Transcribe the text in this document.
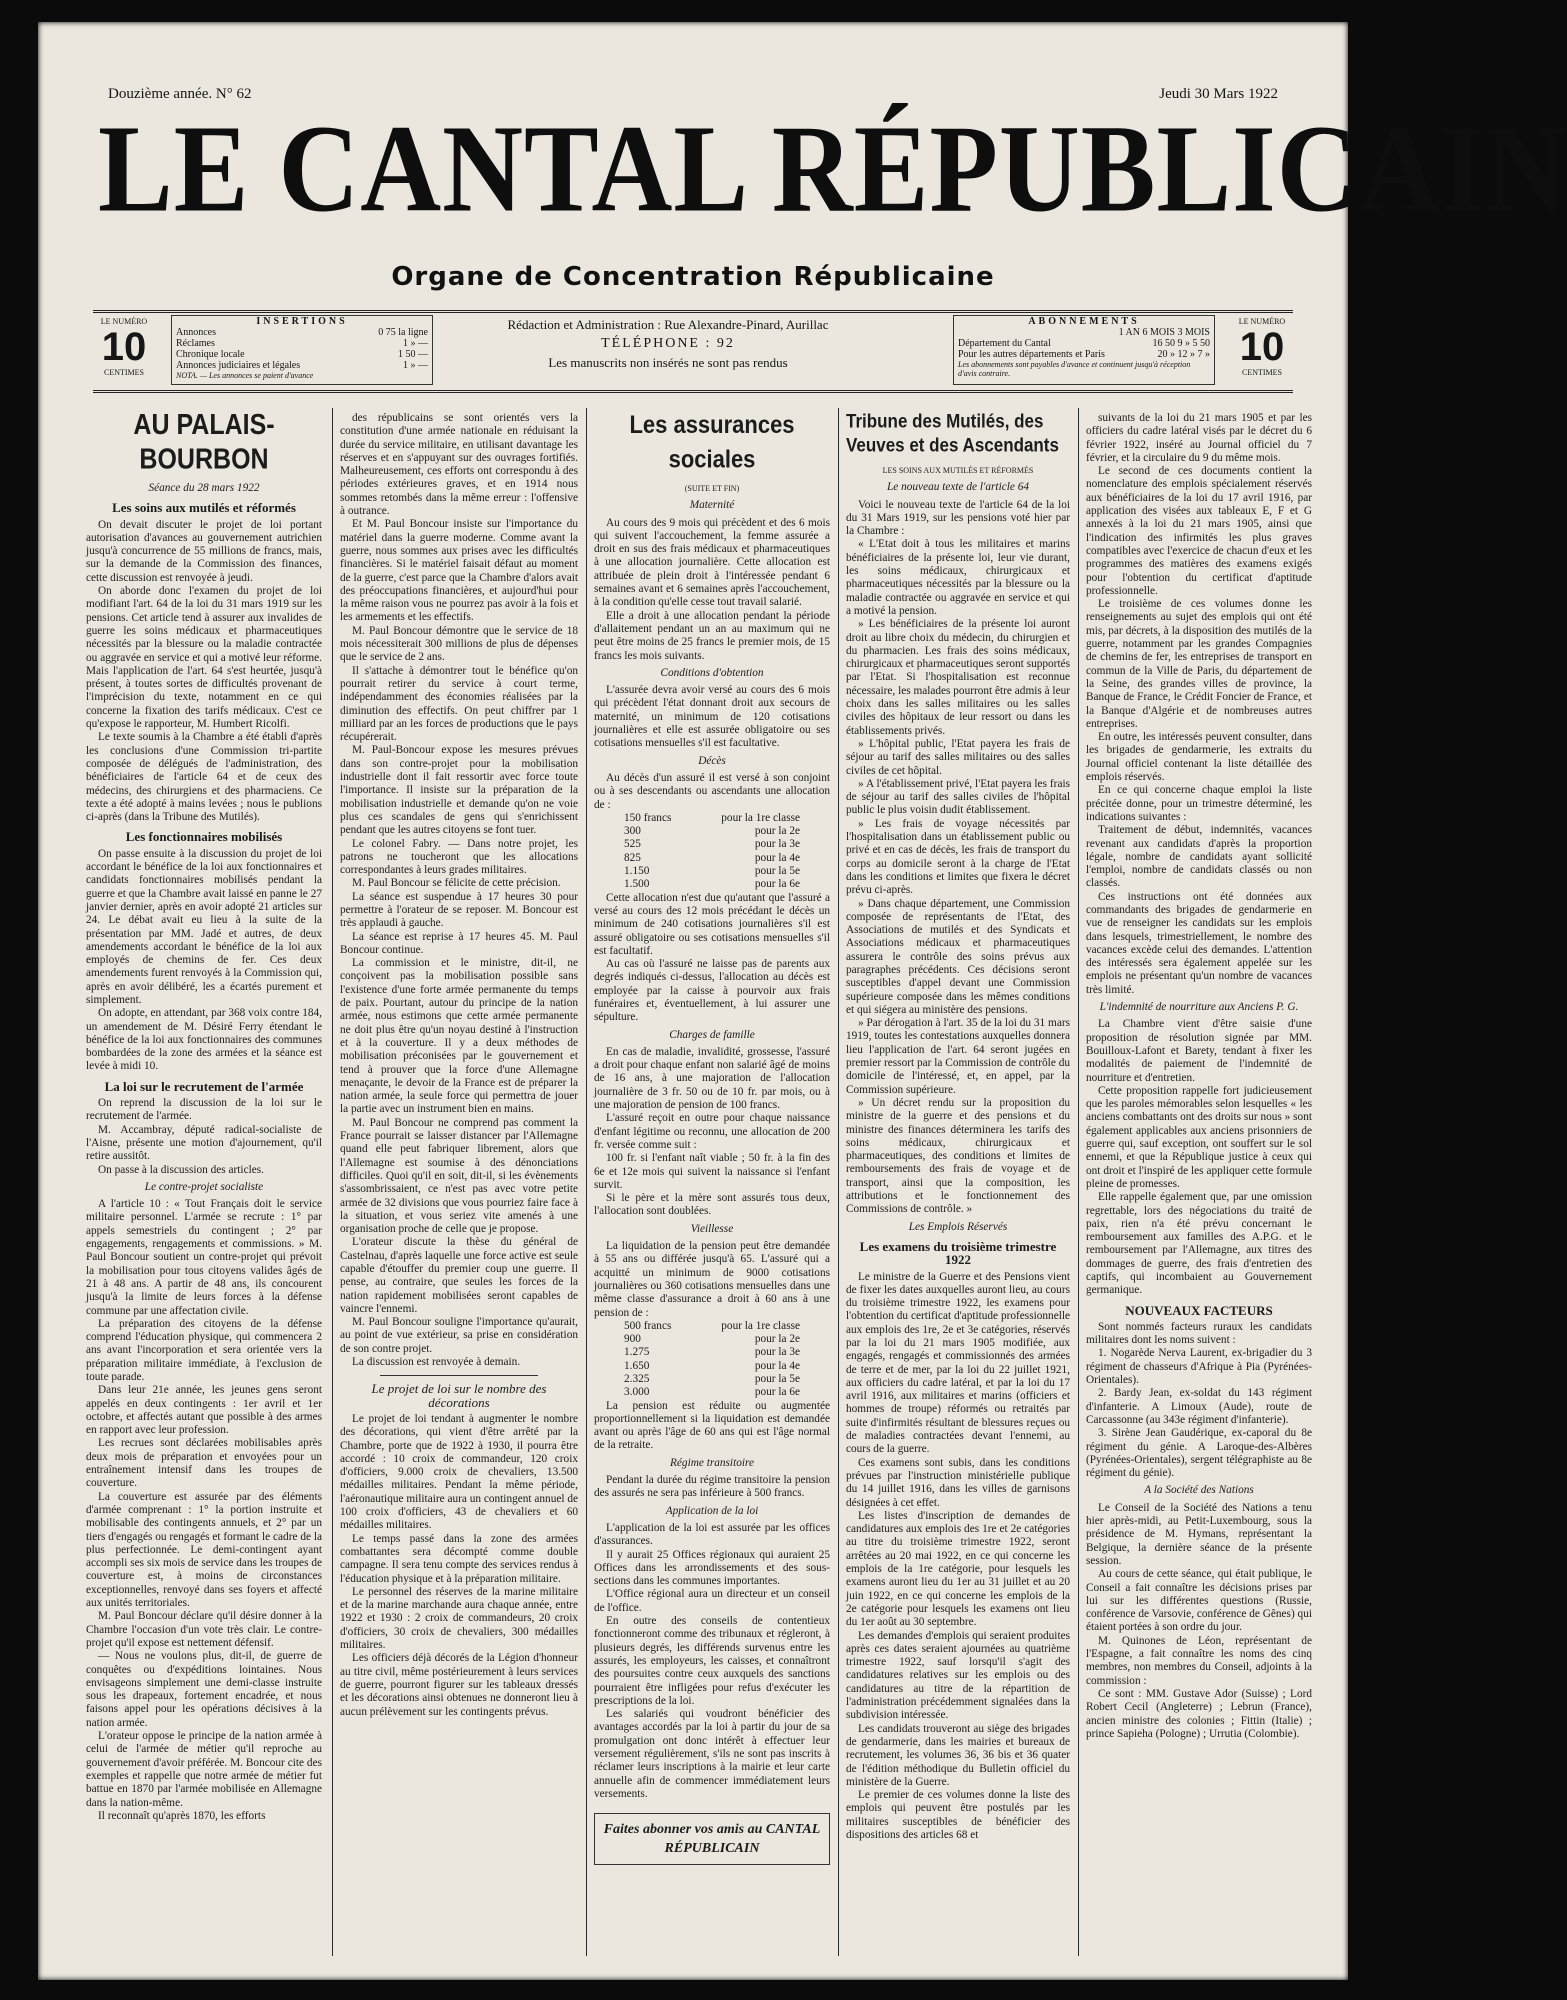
Douzième année. N° 62	Jeudi 30 Mars 1922
LE CANTAL RÉPUBLICAIN
Organe de Concentration Républicaine
LE NUMÉRO
10
CENTIMES
INSERTIONS
Annonces	0 75 la ligne
Réclames	1 » —
Chronique locale	1 50 —
Annonces judiciaires et légales	1 » —
NOTA. — Les annonces se paient d'avance
Rédaction et Administration : Rue Alexandre-Pinard, Aurillac
TÉLÉPHONE : 92
Les manuscrits non insérés ne sont pas rendus
ABONNEMENTS
1 AN 6 MOIS 3 MOIS
Département du Cantal	16 50 9 » 5 50
Pour les autres départements et Paris	20 » 12 » 7 »
Les abonnements sont payables d'avance et continuent jusqu'à réception d'avis contraire.
LE NUMÉRO
10
CENTIMES
AU PALAIS-BOURBON
Séance du 28 mars 1922
Les soins aux mutilés et réformés

On devait discuter le projet de loi portant autorisation d'avances au gouvernement autrichien jusqu'à concurrence de 55 millions de francs, mais, sur la demande de la Commission des finances, cette discussion est renvoyée à jeudi.

On aborde donc l'examen du projet de loi modifiant l'art. 64 de la loi du 31 mars 1919 sur les pensions. Cet article tend à assurer aux invalides de guerre les soins médicaux et pharmaceutiques nécessités par la blessure ou la maladie contractée ou aggravée en service et qui a motivé leur réforme. Mais l'application de l'art. 64 s'est heurtée, jusqu'à présent, à toutes sortes de difficultés provenant de l'imprécision du texte, notamment en ce qui concerne la fixation des tarifs médicaux. C'est ce qu'expose le rapporteur, M. Humbert Ricolfi.

Le texte soumis à la Chambre a été établi d'après les conclusions d'une Commission tri-partite composée de délégués de l'administration, des bénéficiaires de l'article 64 et de ceux des médecins, des chirurgiens et des pharmaciens. Ce texte a été adopté à mains levées ; nous le publions ci-après (dans la Tribune des Mutilés).

Les fonctionnaires mobilisés

On passe ensuite à la discussion du projet de loi accordant le bénéfice de la loi aux fonctionnaires et candidats fonctionnaires mobilisés pendant la guerre et que la Chambre avait laissé en panne le 27 janvier dernier, après en avoir adopté 21 articles sur 24. Le débat avait eu lieu à la suite de la présentation par MM. Jadé et autres, de deux amendements accordant le bénéfice de la loi aux employés de chemins de fer. Ces deux amendements furent renvoyés à la Commission qui, après en avoir délibéré, les a écartés purement et simplement.

On adopte, en attendant, par 368 voix contre 184, un amendement de M. Désiré Ferry étendant le bénéfice de la loi aux fonctionnaires des communes bombardées de la zone des armées et la séance est levée à midi 10.

La loi sur le recrutement de l'armée

On reprend la discussion de la loi sur le recrutement de l'armée.

M. Accambray, député radical-socialiste de l'Aisne, présente une motion d'ajournement, qu'il retire aussitôt.

On passe à la discussion des articles.

Le contre-projet socialiste

A l'article 10 : « Tout Français doit le service militaire personnel. L'armée se recrute : 1° par appels semestriels du contingent ; 2° par engagements, rengagements et commissions. » M. Paul Boncour soutient un contre-projet qui prévoit la mobilisation pour tous citoyens valides âgés de 21 à 48 ans. A partir de 48 ans, ils concourent jusqu'à la limite de leurs forces à la défense commune par une affectation civile.

La préparation des citoyens de la défense comprend l'éducation physique, qui commencera 2 ans avant l'incorporation et sera orientée vers la préparation militaire immédiate, à l'exclusion de toute parade.

Dans leur 21e année, les jeunes gens seront appelés en deux contingents : 1er avril et 1er octobre, et affectés autant que possible à des armes en rapport avec leur profession.

Les recrues sont déclarées mobilisables après deux mois de préparation et envoyées pour un entraînement intensif dans les troupes de couverture.

La couverture est assurée par des éléments d'armée comprenant : 1° la portion instruite et mobilisable des contingents annuels, et 2° par un tiers d'engagés ou rengagés et formant le cadre de la plus perfectionnée. Le demi-contingent ayant accompli ses six mois de service dans les troupes de couverture est, à moins de circonstances exceptionnelles, renvoyé dans ses foyers et affecté aux unités territoriales.

M. Paul Boncour déclare qu'il désire donner à la Chambre l'occasion d'un vote très clair. Le contre-projet qu'il expose est nettement défensif.

— Nous ne voulons plus, dit-il, de guerre de conquêtes ou d'expéditions lointaines. Nous envisageons simplement une demi-classe instruite sous les drapeaux, fortement encadrée, et nous faisons appel pour les opérations décisives à la nation armée.

L'orateur oppose le principe de la nation armée à celui de l'armée de métier qu'il reproche au gouvernement d'avoir préférée. M. Boncour cite des exemples et rappelle que notre armée de métier fut battue en 1870 par l'armée mobilisée en Allemagne dans la nation-même.

Il reconnaît qu'après 1870, les efforts

des républicains se sont orientés vers la constitution d'une armée nationale en réduisant la durée du service militaire, en utilisant davantage les réserves et en s'appuyant sur des ouvrages fortifiés. Malheureusement, ces efforts ont correspondu à des périodes extérieures graves, et en 1914 nous sommes retombés dans la même erreur : l'offensive à outrance.

Et M. Paul Boncour insiste sur l'importance du matériel dans la guerre moderne. Comme avant la guerre, nous sommes aux prises avec les difficultés financières. Si le matériel faisait défaut au moment de la guerre, c'est parce que la Chambre d'alors avait des préoccupations financières, et aujourd'hui pour la même raison vous ne pourrez pas avoir à la fois et les armements et les effectifs.

M. Paul Boncour démontre que le service de 18 mois nécessiterait 300 millions de plus de dépenses que le service de 2 ans.

Il s'attache à démontrer tout le bénéfice qu'on pourrait retirer du service à court terme, indépendamment des économies réalisées par la diminution des effectifs. On peut chiffrer par 1 milliard par an les forces de productions que le pays récupérerait.

M. Paul-Boncour expose les mesures prévues dans son contre-projet pour la mobilisation industrielle dont il fait ressortir avec force toute l'importance. Il insiste sur la préparation de la mobilisation industrielle et demande qu'on ne voie plus ces scandales de gens qui s'enrichissent pendant que les autres citoyens se font tuer.

Le colonel Fabry. — Dans notre projet, les patrons ne toucheront que les allocations correspondantes à leurs grades militaires.

M. Paul Boncour se félicite de cette précision.

La séance est suspendue à 17 heures 30 pour permettre à l'orateur de se reposer. M. Boncour est très applaudi à gauche.

La séance est reprise à 17 heures 45. M. Paul Boncour continue.

La commission et le ministre, dit-il, ne conçoivent pas la mobilisation possible sans l'existence d'une forte armée permanente du temps de paix. Pourtant, autour du principe de la nation armée, nous estimons que cette armée permanente ne doit plus être qu'un noyau destiné à l'instruction et à la couverture. Il y a deux méthodes de mobilisation préconisées par le gouvernement et tend à prouver que la force d'une Allemagne menaçante, le devoir de la France est de préparer la nation armée, la seule force qui permettra de jouer la partie avec un instrument bien en mains.

M. Paul Boncour ne comprend pas comment la France pourrait se laisser distancer par l'Allemagne quand elle peut fabriquer librement, alors que l'Allemagne est soumise à des dénonciations difficiles. Quoi qu'il en soit, dit-il, si les évènements s'assombrissaient, ce n'est pas avec votre petite armée de 32 divisions que vous pourriez faire face à la situation, et vous seriez vite amenés à une organisation proche de celle que je propose.

L'orateur discute la thèse du général de Castelnau, d'après laquelle une force active est seule capable d'étouffer du premier coup une guerre. Il pense, au contraire, que seules les forces de la nation rapidement mobilisées seront capables de vaincre l'ennemi.

M. Paul Boncour souligne l'importance qu'aurait, au point de vue extérieur, sa prise en considération de son contre projet.

La discussion est renvoyée à demain.

Le projet de loi sur le nombre des décorations

Le projet de loi tendant à augmenter le nombre des décorations, qui vient d'être arrêté par la Chambre, porte que de 1922 à 1930, il pourra être accordé : 10 croix de commandeur, 120 croix d'officiers, 9.000 croix de chevaliers, 13.500 médailles militaires. Pendant la même période, l'aéronautique militaire aura un contingent annuel de 100 croix d'officiers, 43 de chevaliers et 60 médailles militaires.

Le temps passé dans la zone des armées combattantes sera décompté comme double campagne. Il sera tenu compte des services rendus à l'éducation physique et à la préparation militaire.

Le personnel des réserves de la marine militaire et de la marine marchande aura chaque année, entre 1922 et 1930 : 2 croix de commandeurs, 20 croix d'officiers, 30 croix de chevaliers, 300 médailles militaires.

Les officiers déjà décorés de la Légion d'honneur au titre civil, même postérieurement à leurs services de guerre, pourront figurer sur les tableaux dressés et les décorations ainsi obtenues ne donneront lieu à aucun prélèvement sur les contingents prévus.

Les assurances sociales
(SUITE ET FIN)
Maternité

Au cours des 9 mois qui précèdent et des 6 mois qui suivent l'accouchement, la femme assurée a droit en sus des frais médicaux et pharmaceutiques à une allocation journalière. Cette allocation est attribuée de plein droit à l'intéressée pendant 6 semaines avant et 6 semaines après l'accouchement, à la condition qu'elle cesse tout travail salarié.

Elle a droit à une allocation pendant la période d'allaitement pendant un an au maximum qui ne peut être moins de 25 francs le premier mois, de 15 francs les mois suivants.

Conditions d'obtention

L'assurée devra avoir versé au cours des 6 mois qui précèdent l'état donnant droit aux secours de maternité, un minimum de 120 cotisations journalières et elle est assurée obligatoire ou ses cotisations mensuelles s'il est facultative.

Décès

Au décès d'un assuré il est versé à son conjoint ou à ses descendants ou ascendants une allocation de :

150 francs	pour la 1re classe
300	pour la 2e
525	pour la 3e
825	pour la 4e
1.150	pour la 5e
1.500	pour la 6e

Cette allocation n'est due qu'autant que l'assuré a versé au cours des 12 mois précédant le décès un minimum de 240 cotisations journalières s'il est assuré obligatoire ou ses cotisations mensuelles s'il est facultatif.

Au cas où l'assuré ne laisse pas de parents aux degrés indiqués ci-dessus, l'allocation au décès est employée par la caisse à pourvoir aux frais funéraires et, éventuellement, à lui assurer une sépulture.

Charges de famille

En cas de maladie, invalidité, grossesse, l'assuré a droit pour chaque enfant non salarié âgé de moins de 16 ans, à une majoration de l'allocation journalière de 3 fr. 50 ou de 10 fr. par mois, ou à une majoration de pension de 100 francs.

L'assuré reçoit en outre pour chaque naissance d'enfant légitime ou reconnu, une allocation de 200 fr. versée comme suit :

100 fr. si l'enfant naît viable ; 50 fr. à la fin des 6e et 12e mois qui suivent la naissance si l'enfant survit.

Si le père et la mère sont assurés tous deux, l'allocation sont doublées.

Vieillesse

La liquidation de la pension peut être demandée à 55 ans ou différée jusqu'à 65. L'assuré qui a acquitté un minimum de 9000 cotisations journalières ou 360 cotisations mensuelles dans une même classe d'assurance a droit à 60 ans à une pension de :

500 francs	pour la 1re classe
900	pour la 2e
1.275	pour la 3e
1.650	pour la 4e
2.325	pour la 5e
3.000	pour la 6e

La pension est réduite ou augmentée proportionnellement si la liquidation est demandée avant ou après l'âge de 60 ans qui est l'âge normal de la retraite.

Régime transitoire

Pendant la durée du régime transitoire la pension des assurés ne sera pas inférieure à 500 francs.

Application de la loi

L'application de la loi est assurée par les offices d'assurances.

Il y aurait 25 Offices régionaux qui auraient 25 Offices dans les arrondissements et des sous-sections dans les communes importantes.

L'Office régional aura un directeur et un conseil de l'office.

En outre des conseils de contentieux fonctionneront comme des tribunaux et régleront, à plusieurs degrés, les différends survenus entre les assurés, les employeurs, les caisses, et connaîtront des poursuites contre ceux auxquels des sanctions pourraient être infligées pour refus d'exécuter les prescriptions de la loi.

Les salariés qui voudront bénéficier des avantages accordés par la loi à partir du jour de sa promulgation ont donc intérêt à effectuer leur versement régulièrement, s'ils ne sont pas inscrits à réclamer leurs inscriptions à la mairie et leur carte annuelle afin de commencer immédiatement leurs versements.

Faites abonner vos amis au CANTAL RÉPUBLICAIN
Tribune des Mutilés, des Veuves et des Ascendants
LES SOINS AUX MUTILÉS ET RÉFORMÉS
Le nouveau texte de l'article 64

Voici le nouveau texte de l'article 64 de la loi du 31 Mars 1919, sur les pensions voté hier par la Chambre :

« L'Etat doit à tous les militaires et marins bénéficiaires de la présente loi, leur vie durant, les soins médicaux, chirurgicaux et pharmaceutiques nécessités par la blessure ou la maladie contractée ou aggravée en service et qui a motivé la pension.

» Les bénéficiaires de la présente loi auront droit au libre choix du médecin, du chirurgien et du pharmacien. Les frais des soins médicaux, chirurgicaux et pharmaceutiques seront supportés par l'Etat. Si l'hospitalisation est reconnue nécessaire, les malades pourront être admis à leur choix dans les salles militaires ou les salles civiles des hôpitaux de leur ressort ou dans les établissements privés.

» L'hôpital public, l'Etat payera les frais de séjour au tarif des salles militaires ou des salles civiles de cet hôpital.

» A l'établissement privé, l'Etat payera les frais de séjour au tarif des salles civiles de l'hôpital public le plus voisin dudit établissement.

» Les frais de voyage nécessités par l'hospitalisation dans un établissement public ou privé et en cas de décès, les frais de transport du corps au domicile seront à la charge de l'Etat dans les conditions et limites que fixera le décret prévu ci-après.

» Dans chaque département, une Commission composée de représentants de l'Etat, des Associations de mutilés et des Syndicats et Associations médicaux et pharmaceutiques assurera le contrôle des soins prévus aux paragraphes précédents. Ces décisions seront susceptibles d'appel devant une Commission supérieure composée dans les mêmes conditions et qui siégera au ministère des pensions.

» Par dérogation à l'art. 35 de la loi du 31 mars 1919, toutes les contestations auxquelles donnera lieu l'application de l'art. 64 seront jugées en premier ressort par la Commission de contrôle du domicile de l'intéressé, et, en appel, par la Commission supérieure.

» Un décret rendu sur la proposition du ministre de la guerre et des pensions et du ministre des finances déterminera les tarifs des soins médicaux, chirurgicaux et pharmaceutiques, des conditions et limites de remboursements des frais de voyage et de transport, ainsi que la composition, les attributions et le fonctionnement des Commissions de contrôle. »

Les Emplois Réservés
Les examens du troisième trimestre 1922

Le ministre de la Guerre et des Pensions vient de fixer les dates auxquelles auront lieu, au cours du troisième trimestre 1922, les examens pour l'obtention du certificat d'aptitude professionnelle aux emplois des 1re, 2e et 3e catégories, réservés par la loi du 21 mars 1905 modifiée, aux engagés, rengagés et commissionnés des armées de terre et de mer, par la loi du 22 juillet 1921, aux officiers du cadre latéral, et par la loi du 17 avril 1916, aux militaires et marins (officiers et hommes de troupe) réformés ou retraités par suite d'infirmités résultant de blessures reçues ou de maladies contractées devant l'ennemi, au cours de la guerre.

Ces examens sont subis, dans les conditions prévues par l'instruction ministérielle publique du 14 juillet 1916, dans les villes de garnisons désignées à cet effet.

Les listes d'inscription de demandes de candidatures aux emplois des 1re et 2e catégories au titre du troisième trimestre 1922, seront arrêtées au 20 mai 1922, en ce qui concerne les emplois de la 1re catégorie, pour lesquels les examens auront lieu du 1er au 31 juillet et au 20 juin 1922, en ce qui concerne les emplois de la 2e catégorie pour lesquels les examens ont lieu du 1er août au 30 septembre.

Les demandes d'emplois qui seraient produites après ces dates seraient ajournées au quatrième trimestre 1922, sauf lorsqu'il s'agit des candidatures relatives sur les emplois ou des candidatures au titre de la répartition de l'administration précédemment signalées dans la subdivision intéressée.

Les candidats trouveront au siège des brigades de gendarmerie, dans les mairies et bureaux de recrutement, les volumes 36, 36 bis et 36 quater de l'édition méthodique du Bulletin officiel du ministère de la Guerre.

Le premier de ces volumes donne la liste des emplois qui peuvent être postulés par les militaires susceptibles de bénéficier des dispositions des articles 68 et

suivants de la loi du 21 mars 1905 et par les officiers du cadre latéral visés par le décret du 6 février 1922, inséré au Journal officiel du 7 février, et la circulaire du 9 du même mois.

Le second de ces documents contient la nomenclature des emplois spécialement réservés aux bénéficiaires de la loi du 17 avril 1916, par application des visées aux tableaux E, F et G annexés à la loi du 21 mars 1905, ainsi que l'indication des infirmités les plus graves compatibles avec l'exercice de chacun d'eux et les programmes des matières des examens exigés pour l'obtention du certificat d'aptitude professionnelle.

Le troisième de ces volumes donne les renseignements au sujet des emplois qui ont été mis, par décrets, à la disposition des mutilés de la guerre, notamment par les grandes Compagnies de chemins de fer, les entreprises de transport en commun de la Ville de Paris, du département de la Seine, des grandes villes de province, la Banque de France, le Crédit Foncier de France, et la Banque d'Algérie et de nombreuses autres entreprises.

En outre, les intéressés peuvent consulter, dans les brigades de gendarmerie, les extraits du Journal officiel contenant la liste détaillée des emplois réservés.

En ce qui concerne chaque emploi la liste précitée donne, pour un trimestre déterminé, les indications suivantes :

Traitement de début, indemnités, vacances revenant aux candidats d'après la proportion légale, nombre de candidats ayant sollicité l'emploi, nombre de candidats classés ou non classés.

Ces instructions ont été données aux commandants des brigades de gendarmerie en vue de renseigner les candidats sur les emplois dans lesquels, trimestriellement, le nombre des vacances excède celui des demandes. L'attention des intéressés sera également appelée sur les emplois ne présentant qu'un nombre de vacances très limité.

L'indemnité de nourriture aux Anciens P. G.

La Chambre vient d'être saisie d'une proposition de résolution signée par MM. Bouilloux-Lafont et Barety, tendant à fixer les modalités de paiement de l'indemnité de nourriture et d'entretien.

Cette proposition rappelle fort judicieusement que les paroles mémorables selon lesquelles « les anciens combattants ont des droits sur nous » sont également applicables aux anciens prisonniers de guerre qui, sauf exception, ont souffert sur le sol ennemi, et que la République justice à ceux qui ont droit et l'inspiré de les appliquer cette formule pleine de promesses.

Elle rappelle également que, par une omission regrettable, lors des négociations du traité de paix, rien n'a été prévu concernant le remboursement aux familles des A.P.G. et le remboursement par l'Allemagne, aux titres des dommages de guerre, des frais d'entretien des captifs, qui incombaient au Gouvernement germanique.

NOUVEAUX FACTEURS

Sont nommés facteurs ruraux les candidats militaires dont les noms suivent :

1. Nogarède Nerva Laurent, ex-brigadier du 3 régiment de chasseurs d'Afrique à Pia (Pyrénées-Orientales).

2. Bardy Jean, ex-soldat du 143 régiment d'infanterie. A Limoux (Aude), route de Carcassonne (au 343e régiment d'infanterie).

3. Sirène Jean Gaudérique, ex-caporal du 8e régiment du génie. A Laroque-des-Albères (Pyrénées-Orientales), sergent télégraphiste au 8e régiment du génie).

A la Société des Nations

Le Conseil de la Société des Nations a tenu hier après-midi, au Petit-Luxembourg, sous la présidence de M. Hymans, représentant la Belgique, la dernière séance de la présente session.

Au cours de cette séance, qui était publique, le Conseil a fait connaître les décisions prises par lui sur les différentes questions (Russie, conférence de Varsovie, conférence de Gênes) qui étaient portées à son ordre du jour.

M. Quinones de Léon, représentant de l'Espagne, a fait connaître les noms des cinq membres, non membres du Conseil, adjoints à la commission :

Ce sont : MM. Gustave Ador (Suisse) ; Lord Robert Cecil (Angleterre) ; Lebrun (France), ancien ministre des colonies ; Fittin (Italie) ; prince Sapieha (Pologne) ; Urrutia (Colombie).
